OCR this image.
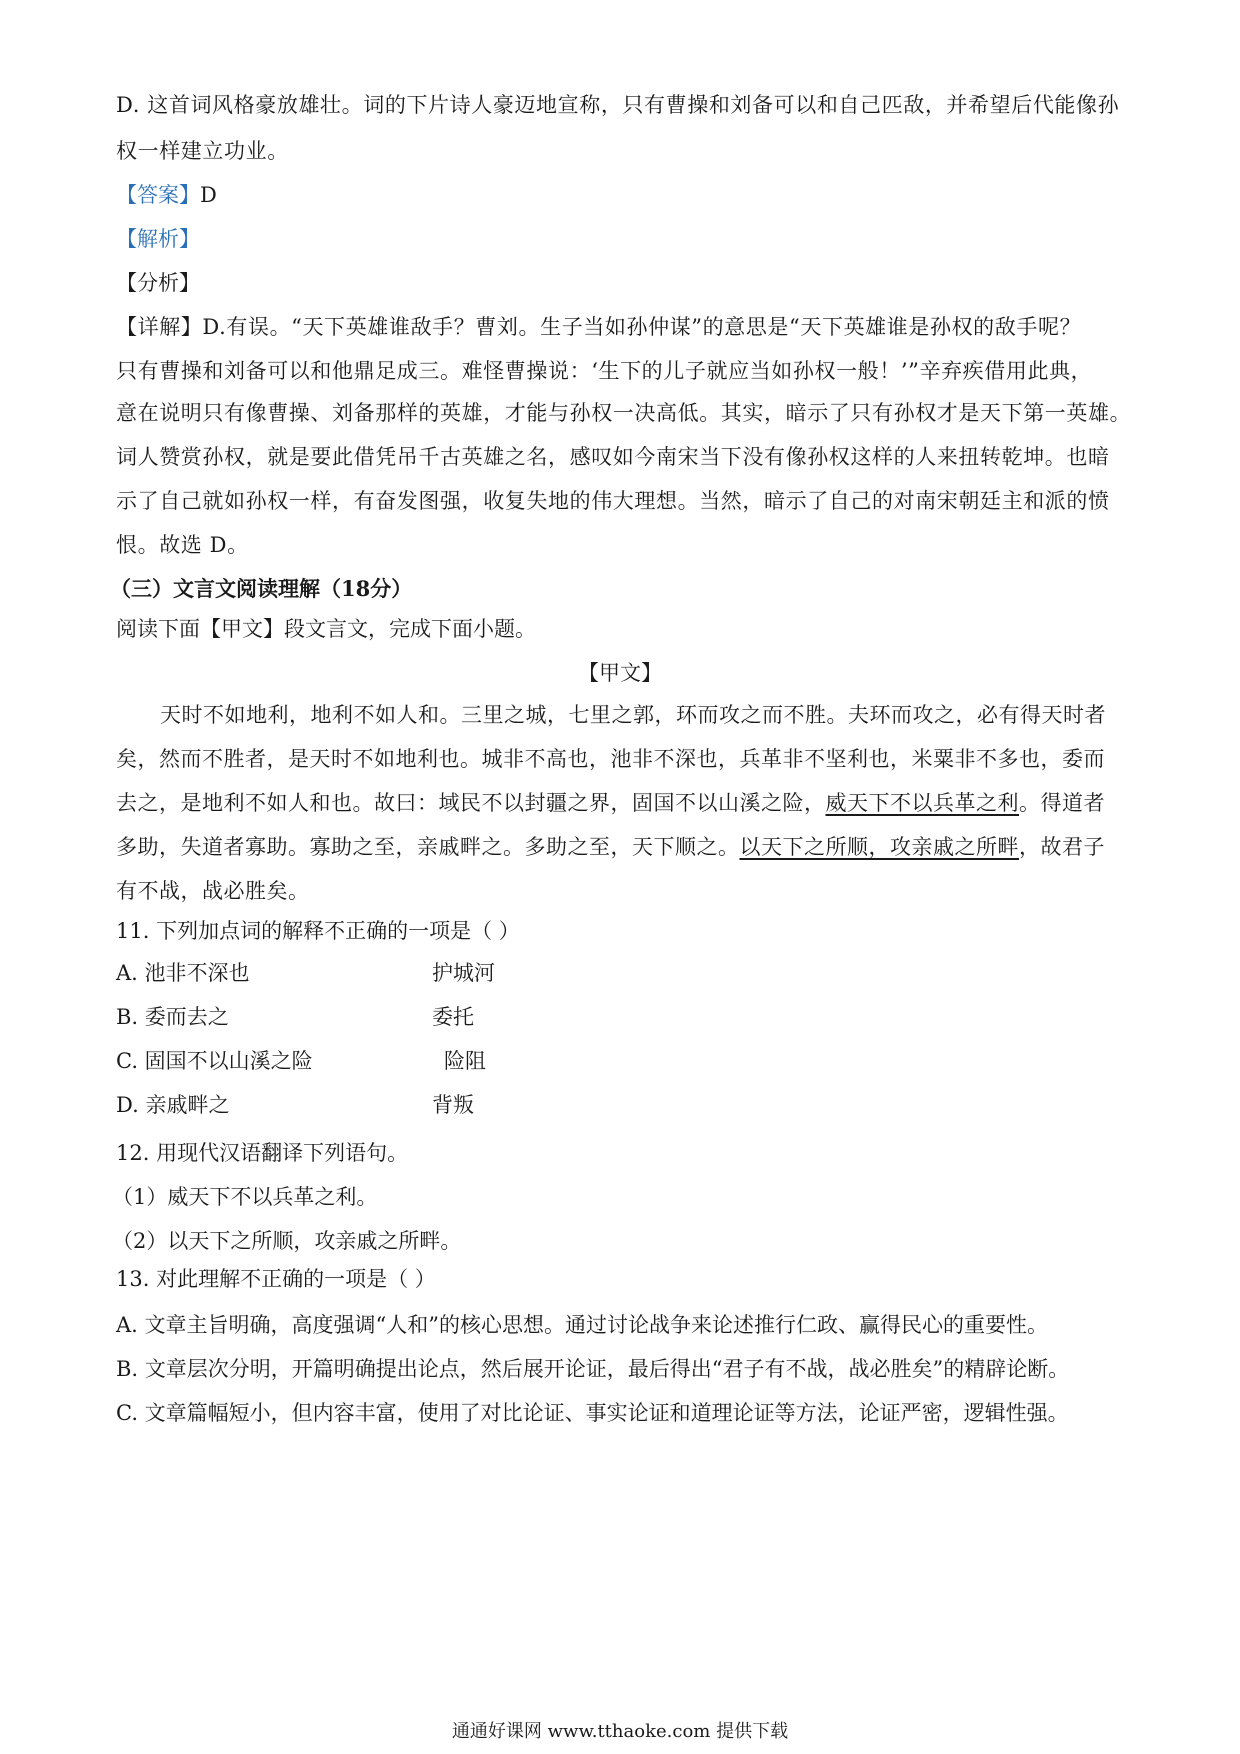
D. 这首词风格豪放雄壮。词的下片诗人豪迈地宣称，只有曹操和刘备可以和自己匹敌，并希望后代能像孙
权一样建立功业。
【答案】D
【解析】
【分析】
【详解】D.有误。“天下英雄谁敌手？曹刘。生子当如孙仲谋”的意思是“天下英雄谁是孙权的敌手呢？
只有曹操和刘备可以和他鼎足成三。难怪曹操说：‘生下的儿子就应当如孙权一般！’”辛弃疾借用此典，
意在说明只有像曹操、刘备那样的英雄，才能与孙权一决高低。其实，暗示了只有孙权才是天下第一英雄。
词人赞赏孙权，就是要此借凭吊千古英雄之名，感叹如今南宋当下没有像孙权这样的人来扭转乾坤。也暗
示了自己就如孙权一样，有奋发图强，收复失地的伟大理想。当然，暗示了自己的对南宋朝廷主和派的愤
恨。故选 D。
（三）文言文阅读理解（18分）
阅读下面【甲文】段文言文，完成下面小题。
【甲文】
天时不如地利，地利不如人和。三里之城，七里之郭，环而攻之而不胜。夫环而攻之，必有得天时者
矣，然而不胜者，是天时不如地利也。城非不高也，池非不深也，兵革非不坚利也，米粟非不多也，委而
去之，是地利不如人和也。故曰：域民不以封疆之界，固国不以山溪之险，威天下不以兵革之利。得道者
多助，失道者寡助。寡助之至，亲戚畔之。多助之至，天下顺之。以天下之所顺，攻亲戚之所畔，故君子
有不战，战必胜矣。
11. 下列加点词的解释不正确的一项是（ ）
A. 池非不深也	护城河
B. 委而去之	委托
C. 固国不以山溪之险	险阻
D. 亲戚畔之	背叛
12. 用现代汉语翻译下列语句。
（1）威天下不以兵革之利。
（2）以天下之所顺，攻亲戚之所畔。
13. 对此理解不正确的一项是（ ）
A. 文章主旨明确，高度强调“人和”的核心思想。通过讨论战争来论述推行仁政、赢得民心的重要性。
B. 文章层次分明，开篇明确提出论点，然后展开论证，最后得出“君子有不战，战必胜矣”的精辟论断。
C. 文章篇幅短小，但内容丰富，使用了对比论证、事实论证和道理论证等方法，论证严密，逻辑性强。
通通好课网 www.tthaoke.com 提供下载
